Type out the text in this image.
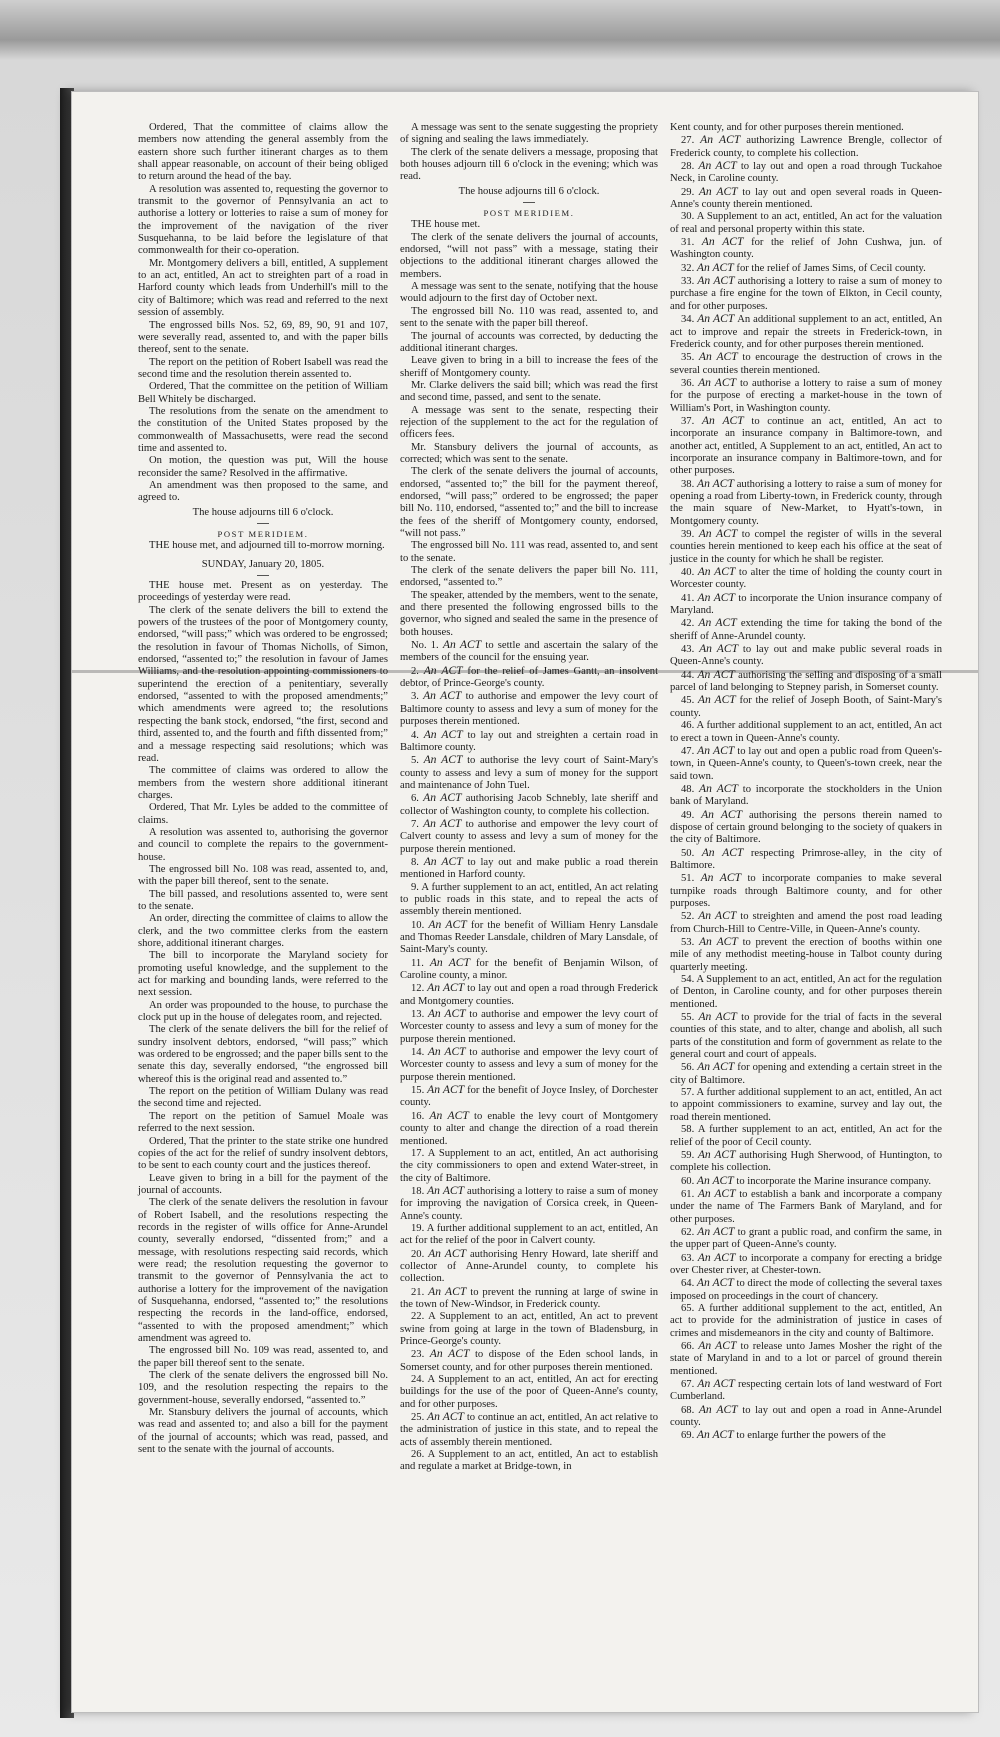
Ordered, That the committee of claims allow the members now attending the general assembly from the eastern shore such further itinerant charges as to them shall appear reasonable, on account of their being obliged to return around the head of the bay.

A resolution was assented to, requesting the governor to transmit to the governor of Pennsylvania an act to authorise a lottery or lotteries to raise a sum of money for the improvement of the navigation of the river Susquehanna, to be laid before the legislature of that commonwealth for their co-operation.

Mr. Montgomery delivers a bill, entitled, A supplement to an act, entitled, An act to streighten part of a road in Harford county which leads from Underhill's mill to the city of Baltimore; which was read and referred to the next session of assembly.

The engrossed bills Nos. 52, 69, 89, 90, 91 and 107, were severally read, assented to, and with the paper bills thereof, sent to the senate.

The report on the petition of Robert Isabell was read the second time and the resolution therein assented to.

Ordered, That the committee on the petition of William Bell Whitely be discharged.

The resolutions from the senate on the amendment to the constitution of the United States proposed by the commonwealth of Massachusetts, were read the second time and assented to.

On motion, the question was put, Will the house reconsider the same? Resolved in the affirmative.

An amendment was then proposed to the same, and agreed to.

The house adjourns till 6 o'clock.

POST MERIDIEM.

THE house met, and adjourned till to-morrow morning.

SUNDAY, January 20, 1805.

THE house met. Present as on yesterday. The proceedings of yesterday were read.

The clerk of the senate delivers the bill to extend the powers of the trustees of the poor of Montgomery county, endorsed, “will pass;” which was ordered to be engrossed; the resolution in favour of Thomas Nicholls, of Simon, endorsed, “assented to;” the resolution in favour of James Williams, and the resolution appointing commissioners to superintend the erection of a penitentiary, severally endorsed, “assented to with the proposed amendments;” which amendments were agreed to; the resolutions respecting the bank stock, endorsed, “the first, second and third, assented to, and the fourth and fifth dissented from;” and a message respecting said resolutions; which was read.

The committee of claims was ordered to allow the members from the western shore additional itinerant charges.

Ordered, That Mr. Lyles be added to the committee of claims.

A resolution was assented to, authorising the governor and council to complete the repairs to the government-house.

The engrossed bill No. 108 was read, assented to, and, with the paper bill thereof, sent to the senate.

The bill passed, and resolutions assented to, were sent to the senate.

An order, directing the committee of claims to allow the clerk, and the two committee clerks from the eastern shore, additional itinerant charges.

The bill to incorporate the Maryland society for promoting useful knowledge, and the supplement to the act for marking and bounding lands, were referred to the next session.

An order was propounded to the house, to purchase the clock put up in the house of delegates room, and rejected.

The clerk of the senate delivers the bill for the relief of sundry insolvent debtors, endorsed, “will pass;” which was ordered to be engrossed; and the paper bills sent to the senate this day, severally endorsed, “the engrossed bill whereof this is the original read and assented to.”

The report on the petition of William Dulany was read the second time and rejected.

The report on the petition of Samuel Moale was referred to the next session.

Ordered, That the printer to the state strike one hundred copies of the act for the relief of sundry insolvent debtors, to be sent to each county court and the justices thereof.

Leave given to bring in a bill for the payment of the journal of accounts.

The clerk of the senate delivers the resolution in favour of Robert Isabell, and the resolutions respecting the records in the register of wills office for Anne-Arundel county, severally endorsed, “dissented from;” and a message, with resolutions respecting said records, which were read; the resolution requesting the governor to transmit to the governor of Pennsylvania the act to authorise a lottery for the improvement of the navigation of Susquehanna, endorsed, “assented to;” the resolutions respecting the records in the land-office, endorsed, “assented to with the proposed amendment;” which amendment was agreed to.

The engrossed bill No. 109 was read, assented to, and the paper bill thereof sent to the senate.

The clerk of the senate delivers the engrossed bill No. 109, and the resolution respecting the repairs to the government-house, severally endorsed, “assented to.”

Mr. Stansbury delivers the journal of accounts, which was read and assented to; and also a bill for the payment of the journal of accounts; which was read, passed, and sent to the senate with the journal of accounts.

A message was sent to the senate suggesting the propriety of signing and sealing the laws immediately.

The clerk of the senate delivers a message, proposing that both houses adjourn till 6 o'clock in the evening; which was read.

The house adjourns till 6 o'clock.

POST MERIDIEM.

THE house met.

The clerk of the senate delivers the journal of accounts, endorsed, “will not pass” with a message, stating their objections to the additional itinerant charges allowed the members.

A message was sent to the senate, notifying that the house would adjourn to the first day of October next.

The engrossed bill No. 110 was read, assented to, and sent to the senate with the paper bill thereof.

The journal of accounts was corrected, by deducting the additional itinerant charges.

Leave given to bring in a bill to increase the fees of the sheriff of Montgomery county.

Mr. Clarke delivers the said bill; which was read the first and second time, passed, and sent to the senate.

A message was sent to the senate, respecting their rejection of the supplement to the act for the regulation of officers fees.

Mr. Stansbury delivers the journal of accounts, as corrected; which was sent to the senate.

The clerk of the senate delivers the journal of accounts, endorsed, “assented to;” the bill for the payment thereof, endorsed, “will pass;” ordered to be engrossed; the paper bill No. 110, endorsed, “assented to;” and the bill to increase the fees of the sheriff of Montgomery county, endorsed, “will not pass.”

The engrossed bill No. 111 was read, assented to, and sent to the senate.

The clerk of the senate delivers the paper bill No. 111, endorsed, “assented to.”

The speaker, attended by the members, went to the senate, and there presented the following engrossed bills to the governor, who signed and sealed the same in the presence of both houses.

No. 1. An ACT to settle and ascertain the salary of the members of the council for the ensuing year.

2. An ACT for the relief of James Gantt, an insolvent debtor, of Prince-George's county.

3. An ACT to authorise and empower the levy court of Baltimore county to assess and levy a sum of money for the purposes therein mentioned.

4. An ACT to lay out and streighten a certain road in Baltimore county.

5. An ACT to authorise the levy court of Saint-Mary's county to assess and levy a sum of money for the support and maintenance of John Tuel.

6. An ACT authorising Jacob Schnebly, late sheriff and collector of Washington county, to complete his collection.

7. An ACT to authorise and empower the levy court of Calvert county to assess and levy a sum of money for the purpose therein mentioned.

8. An ACT to lay out and make public a road therein mentioned in Harford county.

9. A further supplement to an act, entitled, An act relating to public roads in this state, and to repeal the acts of assembly therein mentioned.

10. An ACT for the benefit of William Henry Lansdale and Thomas Reeder Lansdale, children of Mary Lansdale, of Saint-Mary's county.

11. An ACT for the benefit of Benjamin Wilson, of Caroline county, a minor.

12. An ACT to lay out and open a road through Frederick and Montgomery counties.

13. An ACT to authorise and empower the levy court of Worcester county to assess and levy a sum of money for the purpose therein mentioned.

14. An ACT to authorise and empower the levy court of Worcester county to assess and levy a sum of money for the purpose therein mentioned.

15. An ACT for the benefit of Joyce Insley, of Dorchester county.

16. An ACT to enable the levy court of Montgomery county to alter and change the direction of a road therein mentioned.

17. A Supplement to an act, entitled, An act authorising the city commissioners to open and extend Water-street, in the city of Baltimore.

18. An ACT authorising a lottery to raise a sum of money for improving the navigation of Corsica creek, in Queen-Anne's county.

19. A further additional supplement to an act, entitled, An act for the relief of the poor in Calvert county.

20. An ACT authorising Henry Howard, late sheriff and collector of Anne-Arundel county, to complete his collection.

21. An ACT to prevent the running at large of swine in the town of New-Windsor, in Frederick county.

22. A Supplement to an act, entitled, An act to prevent swine from going at large in the town of Bladensburg, in Prince-George's county.

23. An ACT to dispose of the Eden school lands, in Somerset county, and for other purposes therein mentioned.

24. A Supplement to an act, entitled, An act for erecting buildings for the use of the poor of Queen-Anne's county, and for other purposes.

25. An ACT to continue an act, entitled, An act relative to the administration of justice in this state, and to repeal the acts of assembly therein mentioned.

26. A Supplement to an act, entitled, An act to establish and regulate a market at Bridge-town, in

Kent county, and for other purposes therein mentioned.

27. An ACT authorizing Lawrence Brengle, collector of Frederick county, to complete his collection.

28. An ACT to lay out and open a road through Tuckahoe Neck, in Caroline county.

29. An ACT to lay out and open several roads in Queen-Anne's county therein mentioned.

30. A Supplement to an act, entitled, An act for the valuation of real and personal property within this state.

31. An ACT for the relief of John Cushwa, jun. of Washington county.

32. An ACT for the relief of James Sims, of Cecil county.

33. An ACT authorising a lottery to raise a sum of money to purchase a fire engine for the town of Elkton, in Cecil county, and for other purposes.

34. An ACT An additional supplement to an act, entitled, An act to improve and repair the streets in Frederick-town, in Frederick county, and for other purposes therein mentioned.

35. An ACT to encourage the destruction of crows in the several counties therein mentioned.

36. An ACT to authorise a lottery to raise a sum of money for the purpose of erecting a market-house in the town of William's Port, in Washington county.

37. An ACT to continue an act, entitled, An act to incorporate an insurance company in Baltimore-town, and another act, entitled, A Supplement to an act, entitled, An act to incorporate an insurance company in Baltimore-town, and for other purposes.

38. An ACT authorising a lottery to raise a sum of money for opening a road from Liberty-town, in Frederick county, through the main square of New-Market, to Hyatt's-town, in Montgomery county.

39. An ACT to compel the register of wills in the several counties herein mentioned to keep each his office at the seat of justice in the county for which he shall be register.

40. An ACT to alter the time of holding the county court in Worcester county.

41. An ACT to incorporate the Union insurance company of Maryland.

42. An ACT extending the time for taking the bond of the sheriff of Anne-Arundel county.

43. An ACT to lay out and make public several roads in Queen-Anne's county.

44. An ACT authorising the selling and disposing of a small parcel of land belonging to Stepney parish, in Somerset county.

45. An ACT for the relief of Joseph Booth, of Saint-Mary's county.

46. A further additional supplement to an act, entitled, An act to erect a town in Queen-Anne's county.

47. An ACT to lay out and open a public road from Queen's-town, in Queen-Anne's county, to Queen's-town creek, near the said town.

48. An ACT to incorporate the stockholders in the Union bank of Maryland.

49. An ACT authorising the persons therein named to dispose of certain ground belonging to the society of quakers in the city of Baltimore.

50. An ACT respecting Primrose-alley, in the city of Baltimore.

51. An ACT to incorporate companies to make several turnpike roads through Baltimore county, and for other purposes.

52. An ACT to streighten and amend the post road leading from Church-Hill to Centre-Ville, in Queen-Anne's county.

53. An ACT to prevent the erection of booths within one mile of any methodist meeting-house in Talbot county during quarterly meeting.

54. A Supplement to an act, entitled, An act for the regulation of Denton, in Caroline county, and for other purposes therein mentioned.

55. An ACT to provide for the trial of facts in the several counties of this state, and to alter, change and abolish, all such parts of the constitution and form of government as relate to the general court and court of appeals.

56. An ACT for opening and extending a certain street in the city of Baltimore.

57. A further additional supplement to an act, entitled, An act to appoint commissioners to examine, survey and lay out, the road therein mentioned.

58. A further supplement to an act, entitled, An act for the relief of the poor of Cecil county.

59. An ACT authorising Hugh Sherwood, of Huntington, to complete his collection.

60. An ACT to incorporate the Marine insurance company.

61. An ACT to establish a bank and incorporate a company under the name of The Farmers Bank of Maryland, and for other purposes.

62. An ACT to grant a public road, and confirm the same, in the upper part of Queen-Anne's county.

63. An ACT to incorporate a company for erecting a bridge over Chester river, at Chester-town.

64. An ACT to direct the mode of collecting the several taxes imposed on proceedings in the court of chancery.

65. A further additional supplement to the act, entitled, An act to provide for the administration of justice in cases of crimes and misdemeanors in the city and county of Baltimore.

66. An ACT to release unto James Mosher the right of the state of Maryland in and to a lot or parcel of ground therein mentioned.

67. An ACT respecting certain lots of land westward of Fort Cumberland.

68. An ACT to lay out and open a road in Anne-Arundel county.

69. An ACT to enlarge further the powers of the
